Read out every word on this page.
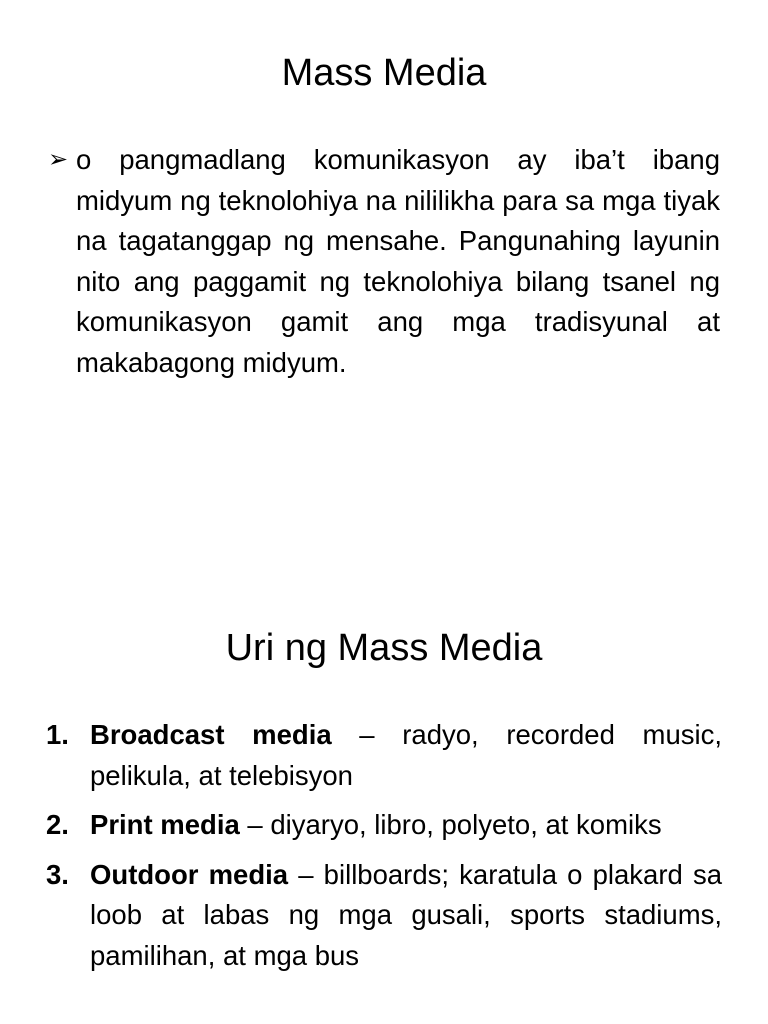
Mass Media
➢ o pangmadlang komunikasyon ay iba’t ibang midyum ng teknolohiya na nililikha para sa mga tiyak na tagatanggap ng mensahe. Pangunahing layunin nito ang paggamit ng teknolohiya bilang tsanel ng komunikasyon gamit ang mga tradisyunal at makabagong midyum.
Uri ng Mass Media
1. Broadcast media – radyo, recorded music, pelikula, at telebisyon
2. Print media – diyaryo, libro, polyeto, at komiks
3. Outdoor media – billboards; karatula o plakard sa loob at labas ng mga gusali, sports stadiums, pamilihan, at mga bus
